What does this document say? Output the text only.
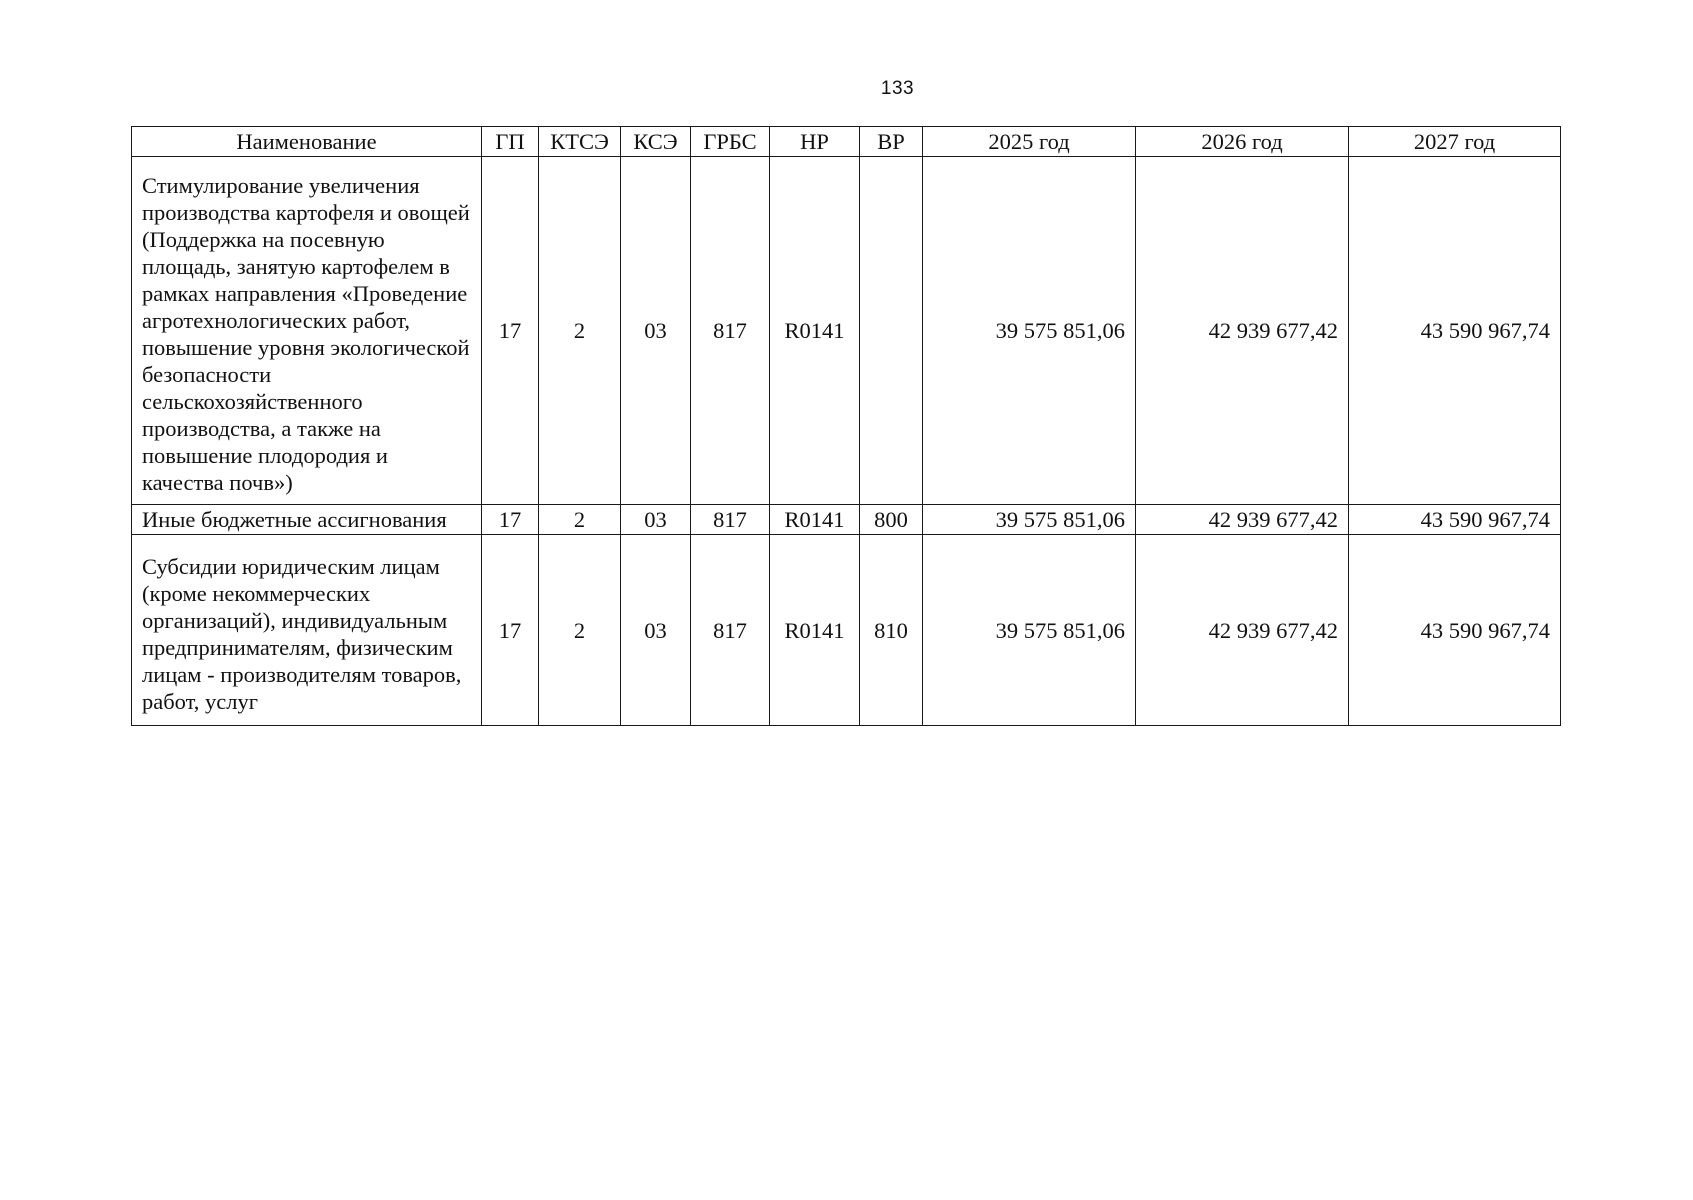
133
Наименование	ГП	КТСЭ	КСЭ	ГРБС	НР	ВР	2025 год	2026 год	2027 год
Стимулирование увеличения производства картофеля и овощей (Поддержка на посевную площадь, занятую картофелем в рамках направления «Проведение агротехнологических работ, повышение уровня экологической безопасности сельскохозяйственного производства, а также на повышение плодородия и качества почв»)	17	2	03	817	R0141		39 575 851,06	42 939 677,42	43 590 967,74
Иные бюджетные ассигнования	17	2	03	817	R0141	800	39 575 851,06	42 939 677,42	43 590 967,74
Субсидии юридическим лицам (кроме некоммерческих организаций), индивидуальным предпринимателям, физическим лицам - производителям товаров, работ, услуг	17	2	03	817	R0141	810	39 575 851,06	42 939 677,42	43 590 967,74
